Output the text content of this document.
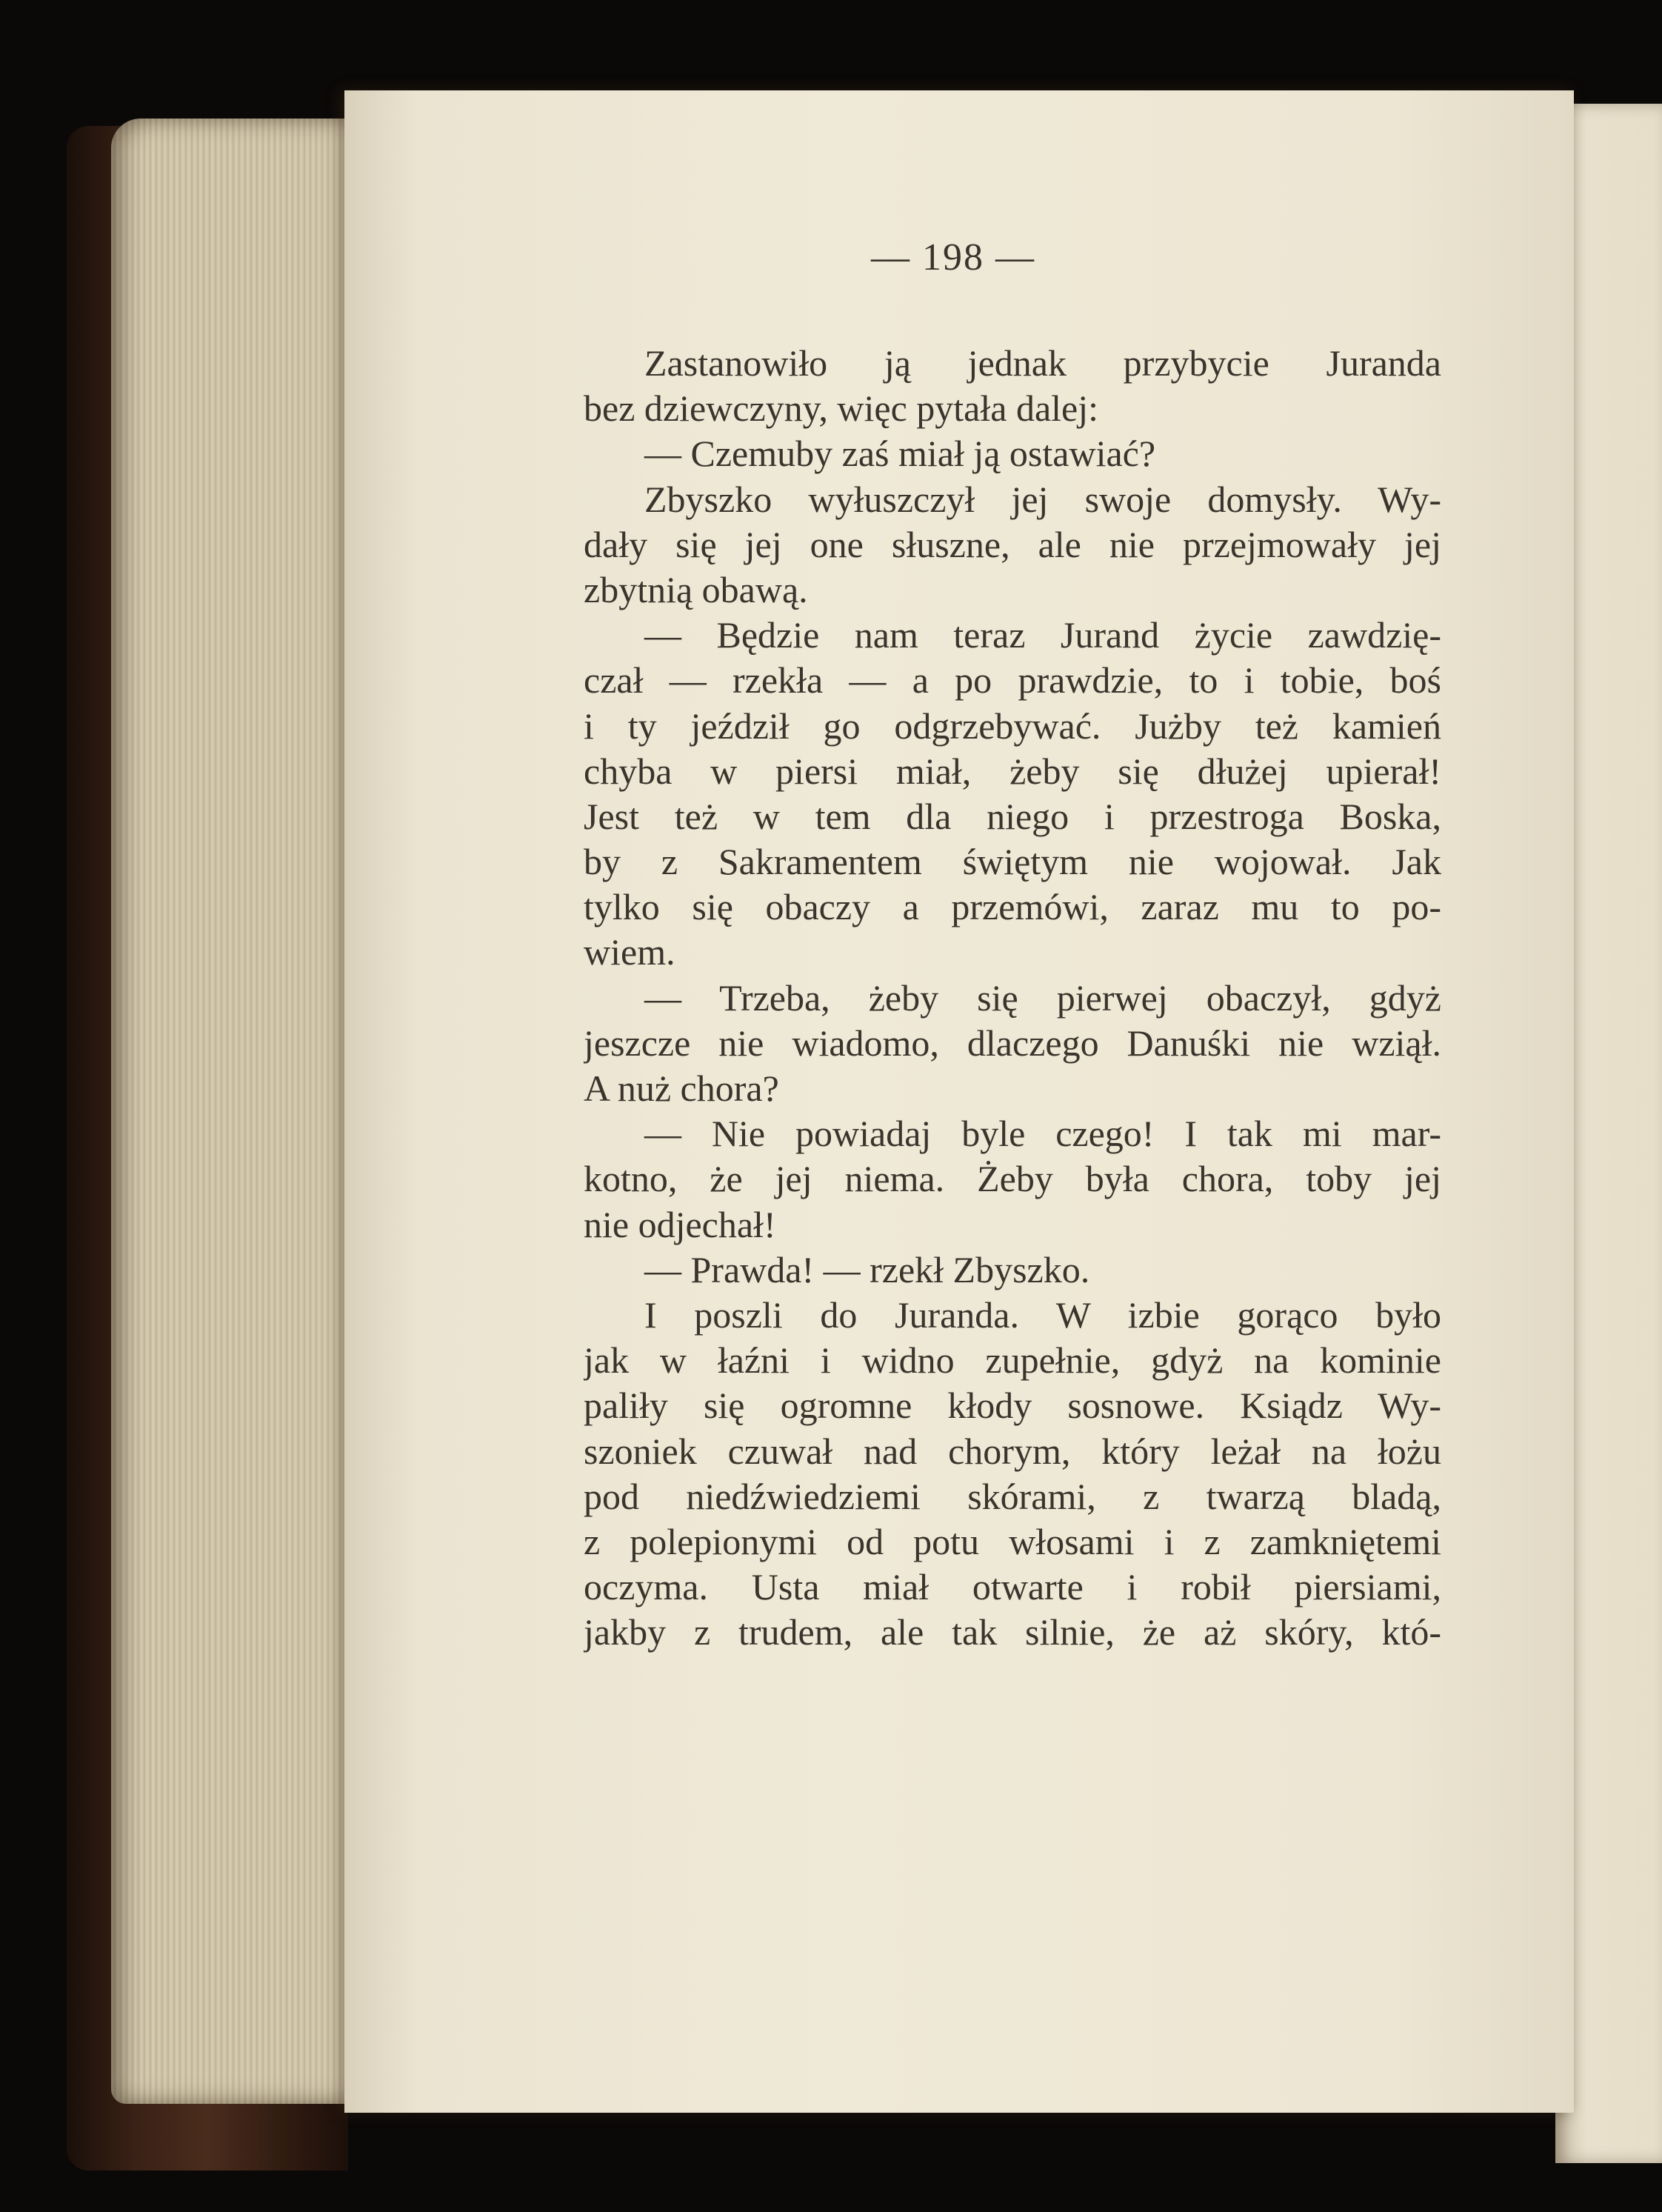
— 198 —
Zastanowiło ją jednak przybycie Juranda
bez dziewczyny, więc pytała dalej:
— Czemuby zaś miał ją ostawiać?
Zbyszko wyłuszczył jej swoje domysły. Wy-
dały się jej one słuszne, ale nie przejmowały jej
zbytnią obawą.
— Będzie nam teraz Jurand życie zawdzię-
czał — rzekła — a po prawdzie, to i tobie, boś
i ty jeździł go odgrzebywać. Jużby też kamień
chyba w piersi miał, żeby się dłużej upierał!
Jest też w tem dla niego i przestroga Boska,
by z Sakramentem świętym nie wojował. Jak
tylko się obaczy a przemówi, zaraz mu to po-
wiem.
— Trzeba, żeby się pierwej obaczył, gdyż
jeszcze nie wiadomo, dlaczego Danuśki nie wziął.
A nuż chora?
— Nie powiadaj byle czego! I tak mi mar-
kotno, że jej niema. Żeby była chora, toby jej
nie odjechał!
— Prawda! — rzekł Zbyszko.
I poszli do Juranda. W izbie gorąco było
jak w łaźni i widno zupełnie, gdyż na kominie
paliły się ogromne kłody sosnowe. Ksiądz Wy-
szoniek czuwał nad chorym, który leżał na łożu
pod niedźwiedziemi skórami, z twarzą bladą,
z polepionymi od potu włosami i z zamkniętemi
oczyma. Usta miał otwarte i robił piersiami,
jakby z trudem, ale tak silnie, że aż skóry, któ-
